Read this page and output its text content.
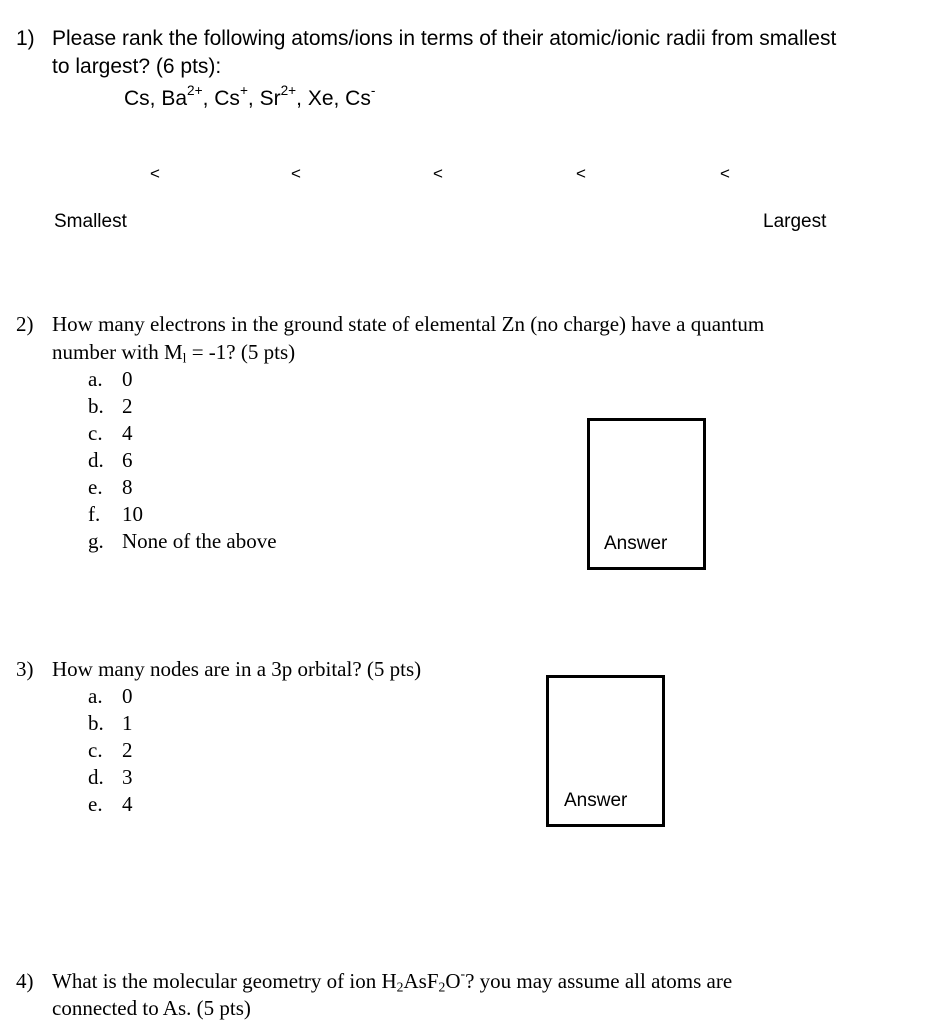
1) Please rank the following atoms/ions in terms of their atomic/ionic radii from smallest
to largest? (6 pts):
Cs, $Ba^{2+}$, Cs+, $Sr^{2+}$, Xe, Cs-
<	<	<	<	<
Smallest	Largest
2) How many electrons in the ground state of elemental Zn (no charge) have a quantum
number with $M_l = -1$? (5 pts)
a. 0
b. 2
c. 4
d. 6
e. 8
f. 10
g. None of the above	Answer
3) How many nodes are in a 3p orbital? (5 pts)
a. 0
b. 1
c. 2
d. 3
e. 4	Answer
4) What is the molecular geometry of ion $H_2AsF_2O^-$? you may assume all atoms are
connected to As. (5 pts)
